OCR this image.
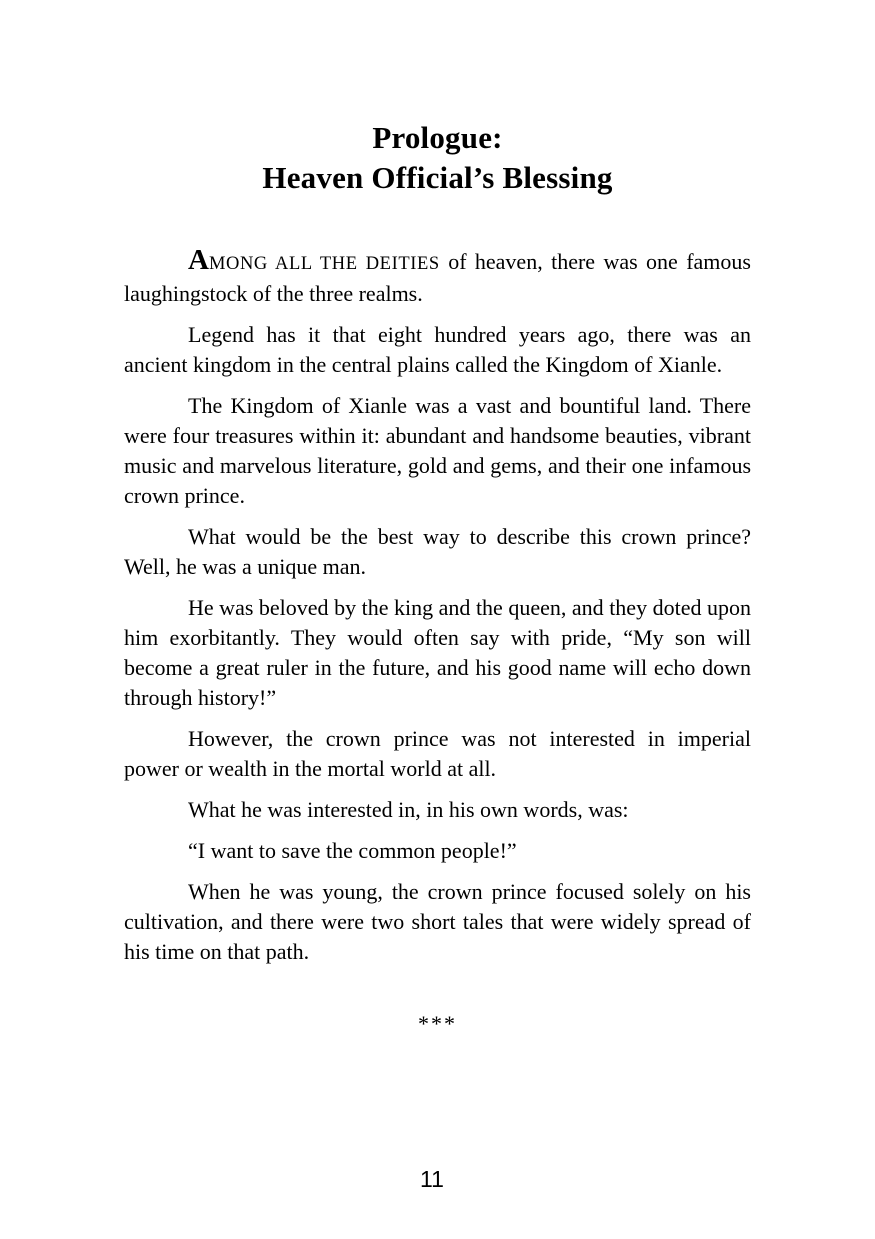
Prologue:
Heaven Official’s Blessing

AMONG ALL THE DEITIES of heaven, there was one famous laughingstock of the three realms.

Legend has it that eight hundred years ago, there was an ancient kingdom in the central plains called the Kingdom of Xianle.

The Kingdom of Xianle was a vast and bountiful land. There were four treasures within it: abundant and handsome beauties, vibrant music and marvelous literature, gold and gems, and their one infamous crown prince.

What would be the best way to describe this crown prince? Well, he was a unique man.

He was beloved by the king and the queen, and they doted upon him exorbitantly. They would often say with pride, “My son will become a great ruler in the future, and his good name will echo down through history!”

However, the crown prince was not interested in imperial power or wealth in the mortal world at all.

What he was interested in, in his own words, was:

“I want to save the common people!”

When he was young, the crown prince focused solely on his cultivation, and there were two short tales that were widely spread of his time on that path.

***
11
